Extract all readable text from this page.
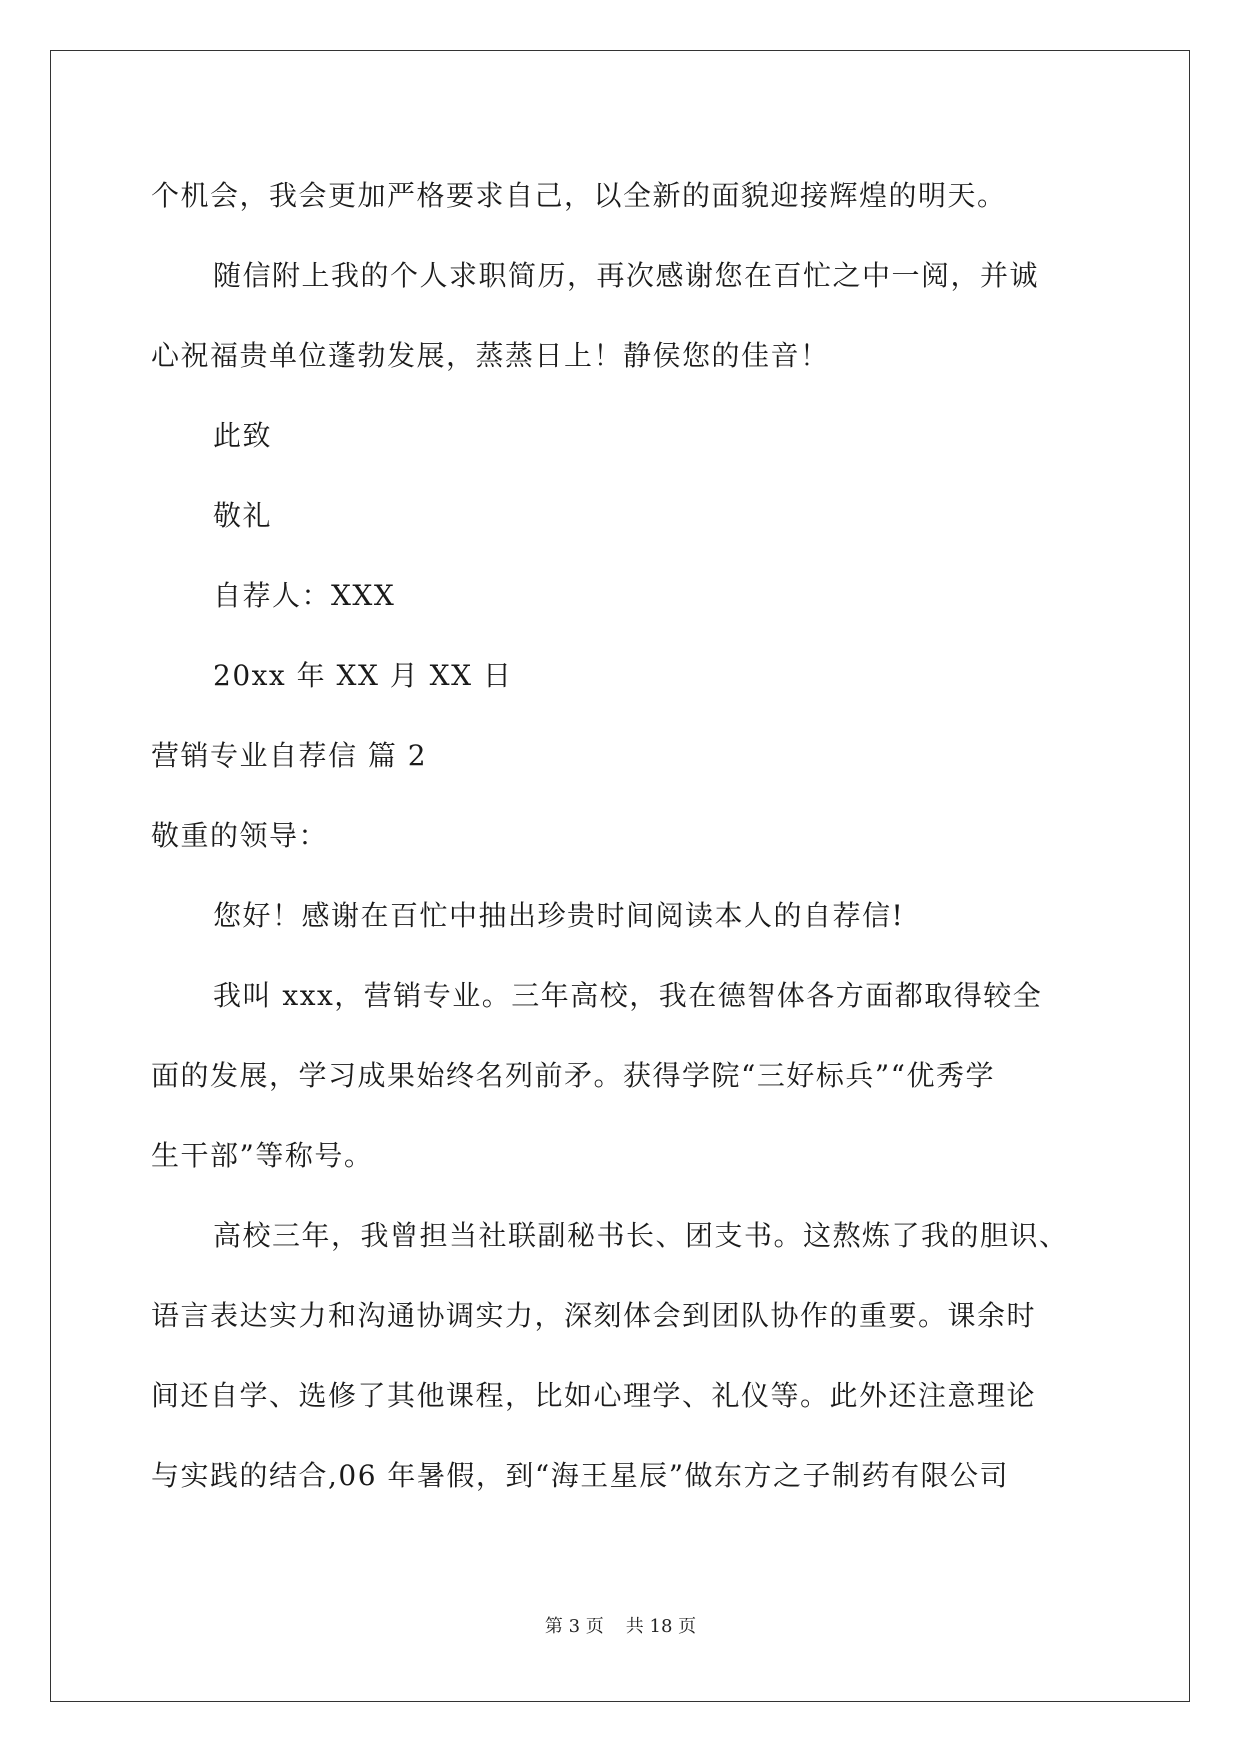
个机会，我会更加严格要求自己，以全新的面貌迎接辉煌的明天。
随信附上我的个人求职简历，再次感谢您在百忙之中一阅，并诚
心祝福贵单位蓬勃发展，蒸蒸日上！静侯您的佳音！
此致
敬礼
自荐人：XXX
20xx 年 XX 月 XX 日
营销专业自荐信 篇 2
敬重的领导：
您好！感谢在百忙中抽出珍贵时间阅读本人的自荐信!
我叫 xxx，营销专业。三年高校，我在德智体各方面都取得较全
面的发展，学习成果始终名列前矛。获得学院“三好标兵”“优秀学
生干部”等称号。
高校三年，我曾担当社联副秘书长、团支书。这熬炼了我的胆识、
语言表达实力和沟通协调实力，深刻体会到团队协作的重要。课余时
间还自学、选修了其他课程，比如心理学、礼仪等。此外还注意理论
与实践的结合,06 年暑假，到“海王星辰”做东方之子制药有限公司
第 3 页 共 18 页
